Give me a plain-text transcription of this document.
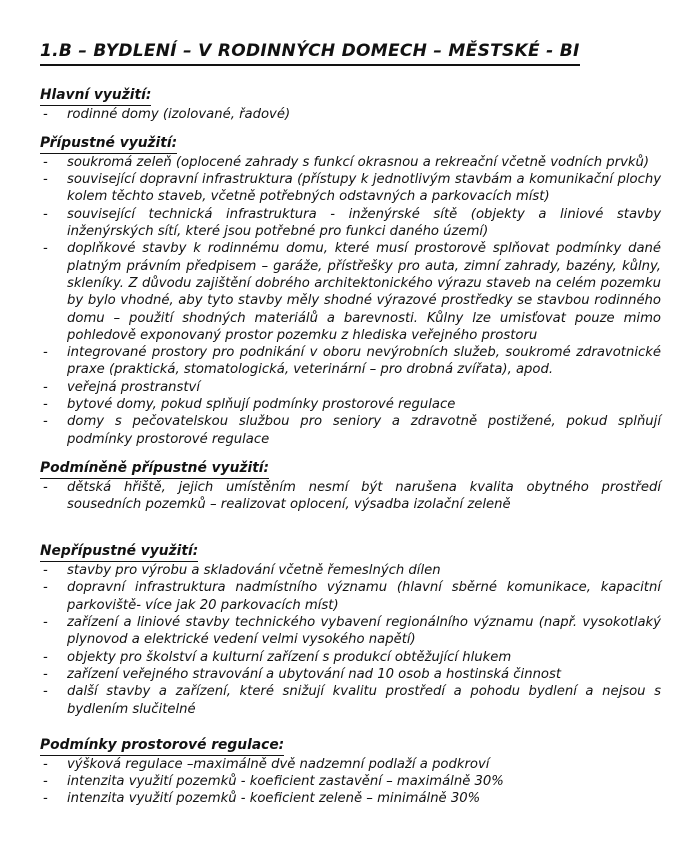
1.B – BYDLENÍ – V RODINNÝCH DOMECH – MĚSTSKÉ - BI
Hlavní využití:
-	rodinné domy (izolované, řadové)
Přípustné využití:
-	soukromá zeleň (oplocené zahrady s funkcí okrasnou a rekreační včetně vodních prvků)
-	související dopravní infrastruktura (přístupy k jednotlivým stavbám a komunikační plochy kolem těchto staveb, včetně potřebných odstavných a parkovacích míst)
-	související technická infrastruktura - inženýrské sítě (objekty a liniové stavby inženýrských sítí, které jsou potřebné pro funkci daného území)
-	doplňkové stavby k rodinnému domu, které musí prostorově splňovat podmínky dané platným právním předpisem – garáže, přístřešky pro auta, zimní zahrady, bazény, kůlny, skleníky. Z důvodu zajištění dobrého architektonického výrazu staveb na celém pozemku by bylo vhodné, aby tyto stavby měly shodné výrazové prostředky se stavbou rodinného domu – použití shodných materiálů a barevnosti. Kůlny lze umisťovat pouze mimo pohledově exponovaný prostor pozemku z hlediska veřejného prostoru
-	integrované prostory pro podnikání v oboru nevýrobních služeb, soukromé zdravotnické praxe (praktická, stomatologická, veterinární – pro drobná zvířata), apod.
-	veřejná prostranství
-	bytové domy, pokud splňují podmínky prostorové regulace
-	domy s pečovatelskou službou pro seniory a zdravotně postižené, pokud splňují podmínky prostorové regulace
Podmíněně přípustné využití:
-	dětská hřiště, jejich umístěním nesmí být narušena kvalita obytného prostředí sousedních pozemků – realizovat oplocení, výsadba izolační zeleně
Nepřípustné využití:
-	stavby pro výrobu a skladování včetně řemeslných dílen
-	dopravní infrastruktura nadmístního významu (hlavní sběrné komunikace, kapacitní parkoviště- více jak 20 parkovacích míst)
-	zařízení a liniové stavby technického vybavení regionálního významu (např. vysokotlaký plynovod a elektrické vedení velmi vysokého napětí)
-	objekty pro školství a kulturní zařízení s produkcí obtěžující hlukem
-	zařízení veřejného stravování a ubytování nad 10 osob a hostinská činnost
-	další stavby a zařízení, které snižují kvalitu prostředí a pohodu bydlení a nejsou s bydlením slučitelné
Podmínky prostorové regulace:
-	výšková regulace –maximálně dvě nadzemní podlaží a podkroví
-	intenzita využití pozemků - koeficient zastavění – maximálně 30%
-	intenzita využití pozemků - koeficient zeleně – minimálně 30%
